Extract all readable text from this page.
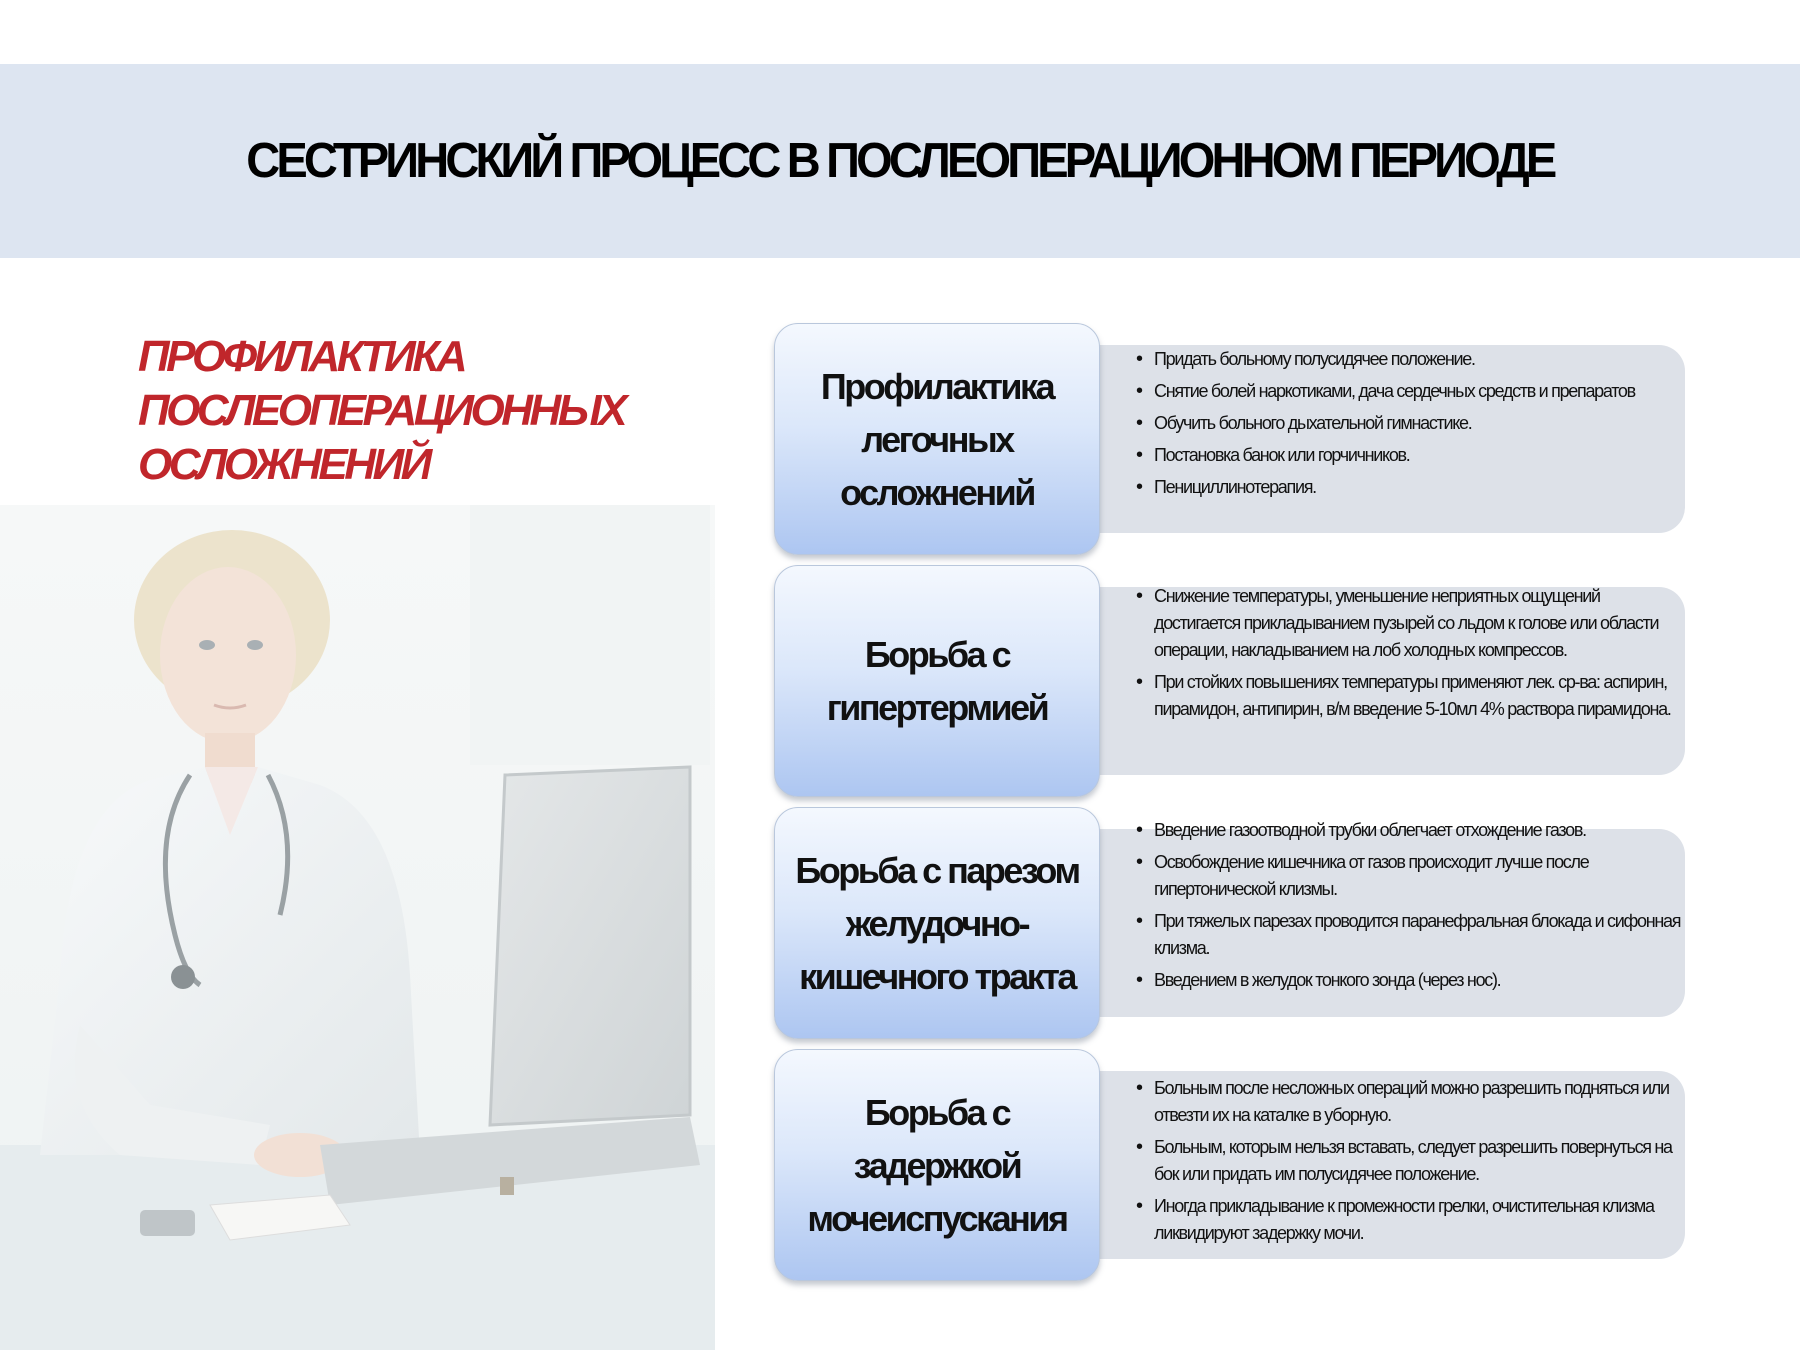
СЕСТРИНСКИЙ ПРОЦЕСС В ПОСЛЕОПЕРАЦИОННОМ ПЕРИОДЕ
ПРОФИЛАКТИКА ПОСЛЕОПЕРАЦИОННЫХ ОСЛОЖНЕНИЙ
Профилактика
легочных
осложнений
• Придать больному полусидячее положение.
• Снятие болей наркотиками, дача сердечных средств и препаратов
• Обучить больного дыхательной гимнастике.
• Постановка банок или горчичников.
• Пенициллинотерапия.
Борьба с
гипертермией
• Снижение температуры, уменьшение неприятных ощущений достигается прикладыванием пузырей со льдом к голове или области операции, накладыванием на лоб холодных компрессов.
• При стойких повышениях температуры применяют лек. ср-ва: аспирин, пирамидон, антипирин, в/м введение 5-10мл 4% раствора пирамидона.
Борьба с парезом
желудочно-
кишечного тракта
• Введение газоотводной трубки облегчает отхождение газов.
• Освобождение кишечника от газов происходит лучше после гипертонической клизмы.
• При тяжелых парезах проводится паранефральная блокада и сифонная клизма.
• Введением в желудок тонкого зонда (через нос).
Борьба с
задержкой
мочеиспускания
• Больным после несложных операций можно разрешить подняться или отвезти их на каталке в уборную.
• Больным, которым нельзя вставать, следует разрешить повернуться на бок или придать им полусидячее положение.
• Иногда прикладывание к промежности грелки, очистительная клизма ликвидируют задержку мочи.
